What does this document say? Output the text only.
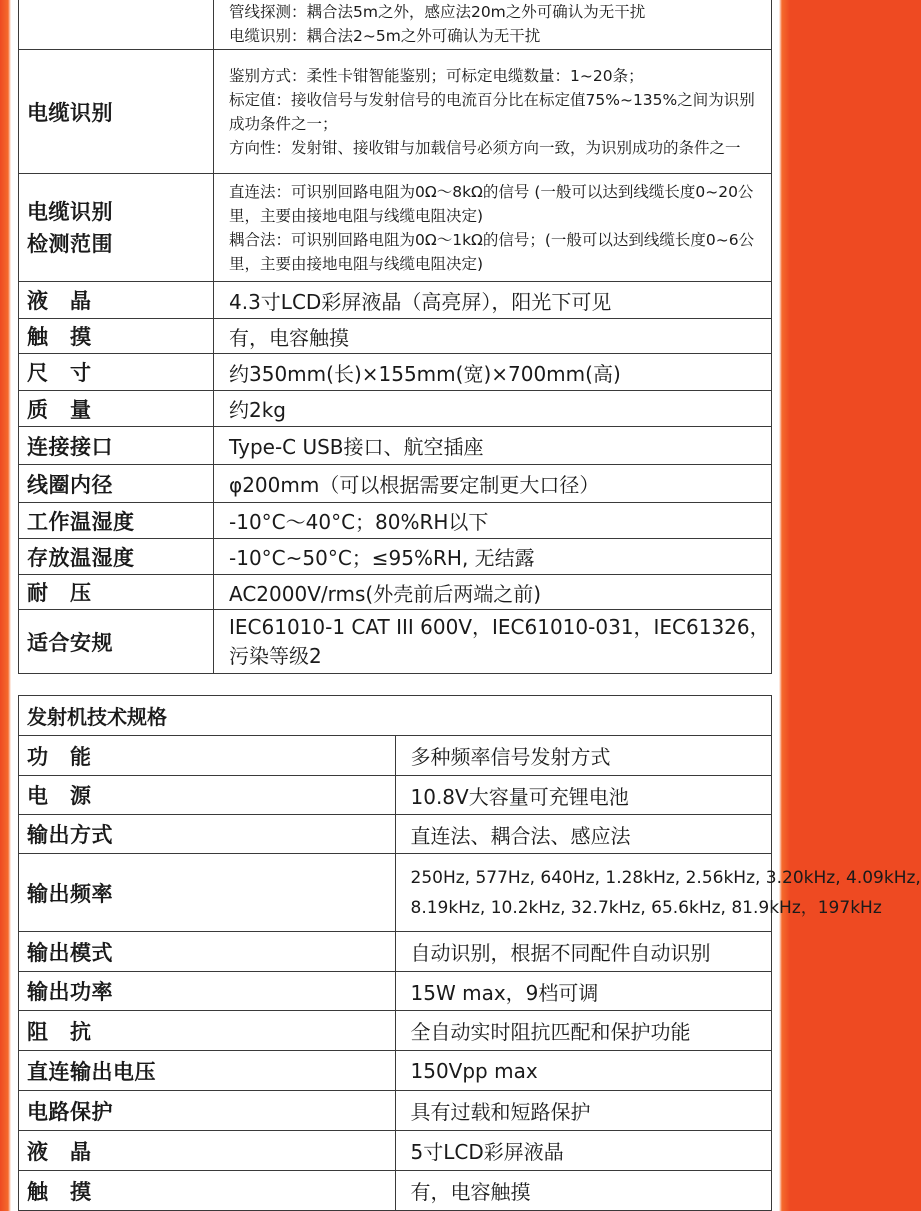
	管线探测：耦合法5m之外，感应法20m之外可确认为无干扰
电缆识别：耦合法2~5m之外可确认为无干扰

电缆识别	鉴别方式：柔性卡钳智能鉴别；可标定电缆数量：1~20条；
标定值：接收信号与发射信号的电流百分比在标定值75%~135%之间为识别成功条件之一；
方向性：发射钳、接收钳与加载信号必须方向一致，为识别成功的条件之一

电缆识别
检测范围	直连法：可识别回路电阻为0Ω～8kΩ的信号 (一般可以达到线缆长度0~20公里，主要由接地电阻与线缆电阻决定)
耦合法：可识别回路电阻为0Ω～1kΩ的信号；(一般可以达到线缆长度0~6公里，主要由接地电阻与线缆电阻决定)

液　晶	4.3寸LCD彩屏液晶（高亮屏），阳光下可见
触　摸	有，电容触摸
尺　寸	约350mm(长)×155mm(宽)×700mm(高)
质　量	约2kg
连接接口	Type-C USB接口、航空插座
线圈内径	φ200mm（可以根据需要定制更大口径）
工作温湿度	-10°C～40°C；80%RH以下
存放温湿度	-10°C~50°C；≤95%RH, 无结露
耐　压	AC2000V/rms(外壳前后两端之前)
适合安规	IEC61010-1 CAT III 600V，IEC61010-031，IEC61326，
污染等级2
发射机技术规格	
功　能	多种频率信号发射方式
电　源	10.8V大容量可充锂电池
输出方式	直连法、耦合法、感应法
输出频率	250Hz, 577Hz, 640Hz, 1.28kHz, 2.56kHz, 3.20kHz, 4.09kHz,
8.19kHz, 10.2kHz, 32.7kHz, 65.6kHz, 81.9kHz，197kHz

输出模式	自动识别，根据不同配件自动识别
输出功率	15W max，9档可调
阻　抗	全自动实时阻抗匹配和保护功能
直连输出电压	150Vpp max
电路保护	具有过载和短路保护
液　晶	5寸LCD彩屏液晶
触　摸	有，电容触摸
